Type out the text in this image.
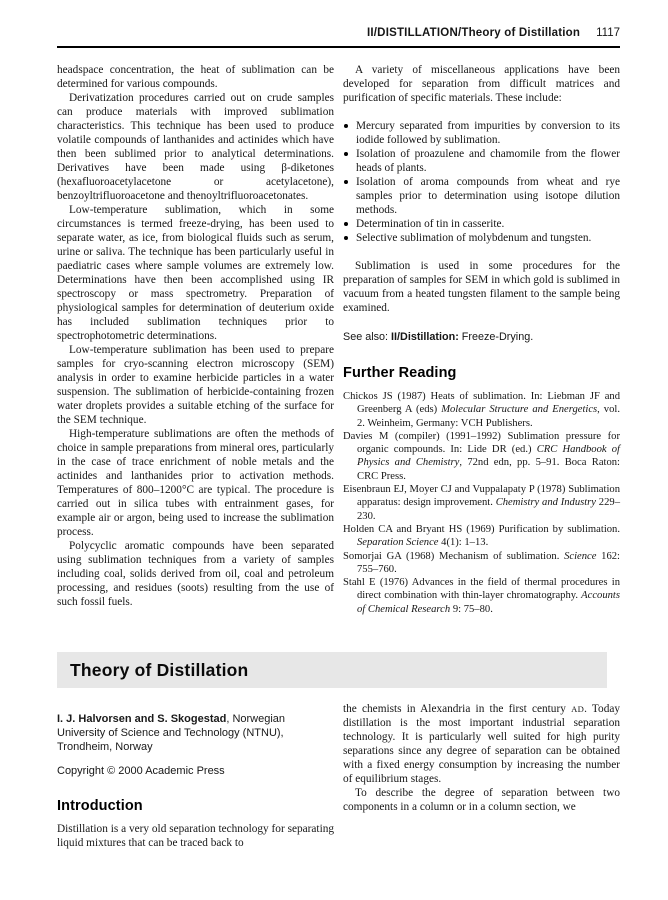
II/DISTILLATION/Theory of Distillation 1117

headspace concentration, the heat of sublimation can be determined for various compounds.

Derivatization procedures carried out on crude samples can produce materials with improved sublimation characteristics. This technique has been used to produce volatile compounds of lanthanides and actinides which have then been sublimed prior to analytical determinations. Derivatives have been made using β-diketones (hexafluoroacetylacetone or acetylacetone), benzoyltrifluoroacetone and thenoyltrifluoroacetonates.

Low-temperature sublimation, which in some circumstances is termed freeze-drying, has been used to separate water, as ice, from biological fluids such as serum, urine or saliva. The technique has been particularly useful in paediatric cases where sample volumes are extremely low. Determinations have then been accomplished using IR spectroscopy or mass spectrometry. Preparation of physiological samples for determination of deuterium oxide has included sublimation techniques prior to spectrophotometric determinations.

Low-temperature sublimation has been used to prepare samples for cryo-scanning electron microscopy (SEM) analysis in order to examine herbicide particles in a water suspension. The sublimation of herbicide-containing frozen water droplets provides a suitable etching of the surface for the SEM technique.

High-temperature sublimations are often the methods of choice in sample preparations from mineral ores, particularly in the case of trace enrichment of noble metals and the actinides and lanthanides prior to activation methods. Temperatures of 800–1200°C are typical. The procedure is carried out in silica tubes with entrainment gases, for example air or argon, being used to increase the sublimation process.

Polycyclic aromatic compounds have been separated using sublimation techniques from a variety of samples including coal, solids derived from oil, coal and petroleum processing, and residues (soots) resulting from the use of such fossil fuels.

A variety of miscellaneous applications have been developed for separation from difficult matrices and purification of specific materials. These include:

Mercury separated from impurities by conversion to its iodide followed by sublimation.
Isolation of proazulene and chamomile from the flower heads of plants.
Isolation of aroma compounds from wheat and rye samples prior to determination using isotope dilution methods.
Determination of tin in casserite.
Selective sublimation of molybdenum and tungsten.

Sublimation is used in some procedures for the preparation of samples for SEM in which gold is sublimed in vacuum from a heated tungsten filament to the sample being examined.

See also: II/Distillation: Freeze-Drying.

Further Reading

Chickos JS (1987) Heats of sublimation. In: Liebman JF and Greenberg A (eds) Molecular Structure and Energetics, vol. 2. Weinheim, Germany: VCH Publishers.

Davies M (compiler) (1991–1992) Sublimation pressure for organic compounds. In: Lide DR (ed.) CRC Handbook of Physics and Chemistry, 72nd edn, pp. 5–91. Boca Raton: CRC Press.

Eisenbraun EJ, Moyer CJ and Vuppalapaty P (1978) Sublimation apparatus: design improvement. Chemistry and Industry 229–230.

Holden CA and Bryant HS (1969) Purification by sublimation. Separation Science 4(1): 1–13.

Somorjai GA (1968) Mechanism of sublimation. Science 162: 755–760.

Stahl E (1976) Advances in the field of thermal procedures in direct combination with thin-layer chromatography. Accounts of Chemical Research 9: 75–80.

Theory of Distillation

I. J. Halvorsen and S. Skogestad, Norwegian University of Science and Technology (NTNU), Trondheim, Norway

Copyright © 2000 Academic Press

Introduction

Distillation is a very old separation technology for separating liquid mixtures that can be traced back to

the chemists in Alexandria in the first century AD. Today distillation is the most important industrial separation technology. It is particularly well suited for high purity separations since any degree of separation can be obtained with a fixed energy consumption by increasing the number of equilibrium stages.

To describe the degree of separation between two components in a column or in a column section, we
